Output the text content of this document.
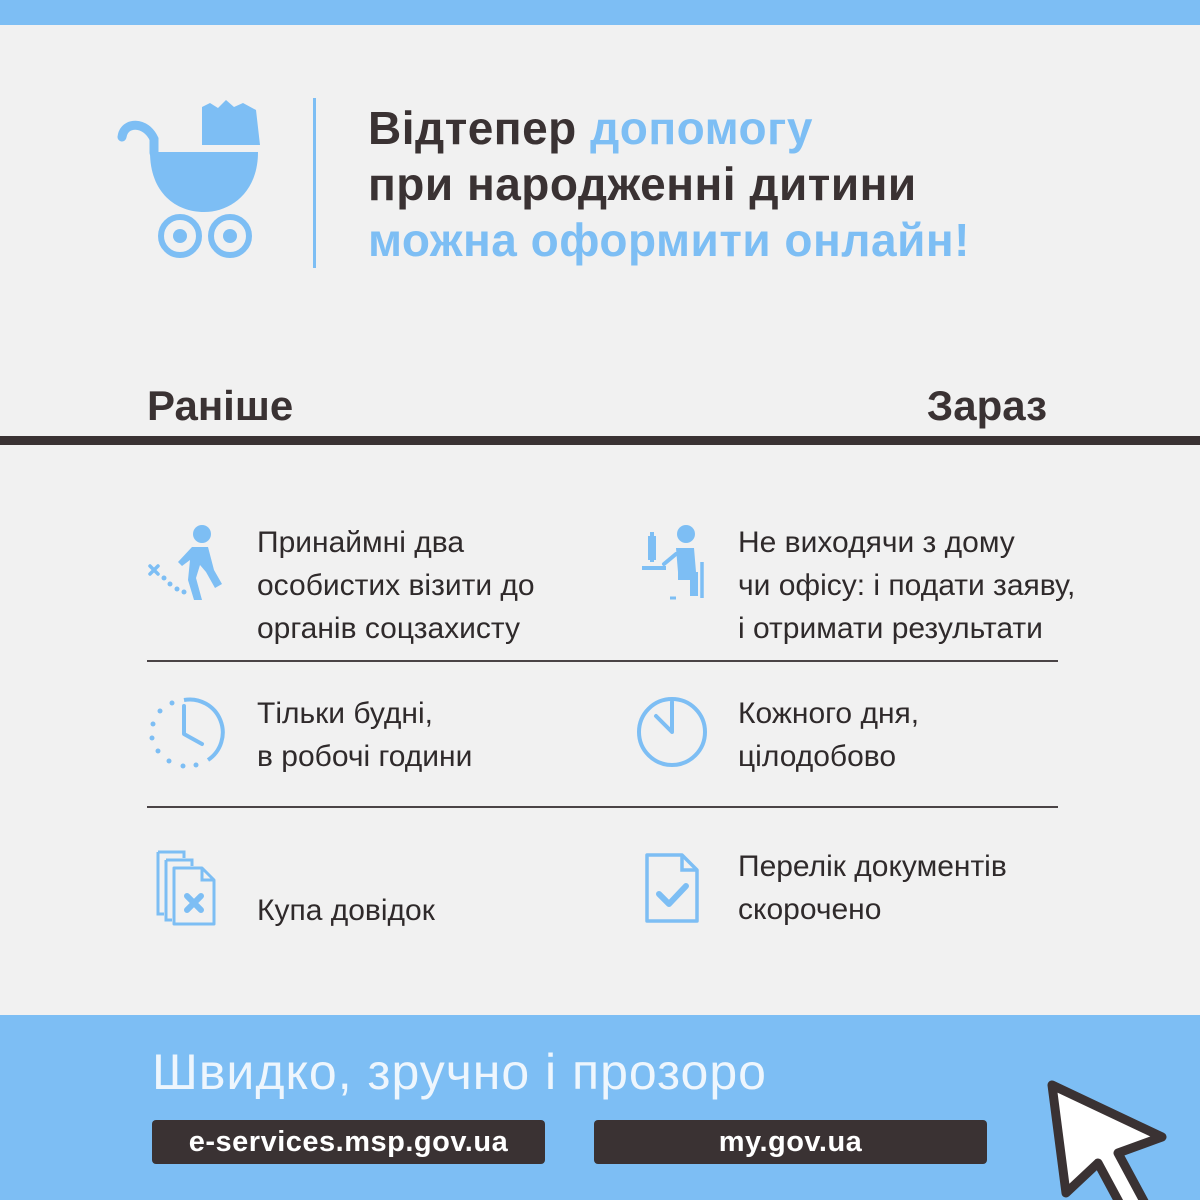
Відтепер допомогу
при народженні дитини
можна оформити онлайн!
Раніше	Зараз
Принаймні два
особистих візити до
органів соцзахисту
Не виходячи з дому
чи офісу: і подати заяву,
і отримати результати
Тільки будні,
в робочі години
Кожного дня,
цілодобово
Купа довідок
Перелік документів
скорочено
Швидко, зручно і прозоро
e-services.msp.gov.ua	my.gov.ua
